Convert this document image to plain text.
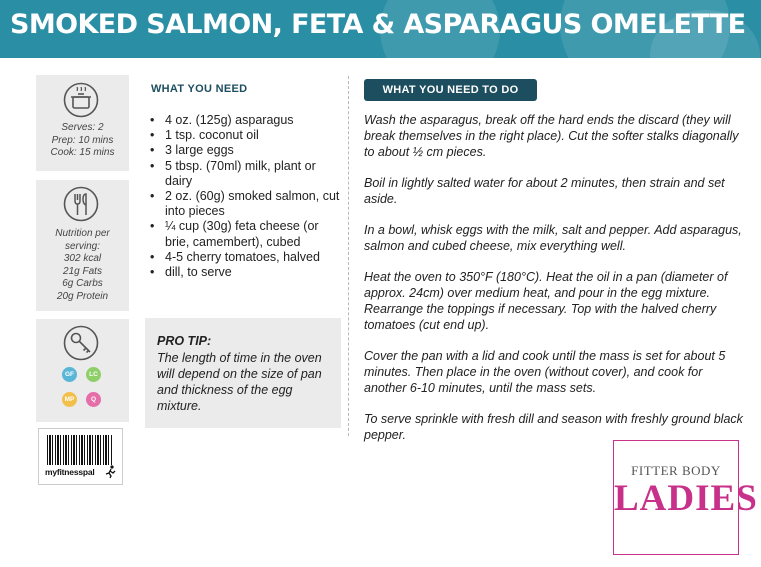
SMOKED SALMON, FETA & ASPARAGUS OMELETTE
Serves: 2
Prep: 10 mins
Cook: 15 mins
Nutrition per serving:
302 kcal
21g Fats
6g Carbs
20g Protein
GF	LC
MP	Q
myfitnesspal
WHAT YOU NEED
• 4 oz. (125g) asparagus
• 1 tsp. coconut oil
• 3 large eggs
• 5 tbsp. (70ml) milk, plant or dairy
• 2 oz. (60g) smoked salmon, cut into pieces
• ¼ cup (30g) feta cheese (or brie, camembert), cubed
• 4-5 cherry tomatoes, halved
• dill, to serve
PRO TIP:
The length of time in the oven will depend on the size of pan and thickness of the egg mixture.
WHAT YOU NEED TO DO

Wash the asparagus, break off the hard ends the discard (they will break themselves in the right place). Cut the softer stalks diagonally to about ½ cm pieces.

Boil in lightly salted water for about 2 minutes, then strain and set aside.

In a bowl, whisk eggs with the milk, salt and pepper. Add asparagus, salmon and cubed cheese, mix everything well.

Heat the oven to 350°F (180°C). Heat the oil in a pan (diameter of approx. 24cm) over medium heat, and pour in the egg mixture. Rearrange the toppings if necessary. Top with the halved cherry tomatoes (cut end up).

Cover the pan with a lid and cook until the mass is set for about 5 minutes. Then place in the oven (without cover), and cook for another 6-10 minutes, until the mass sets.

To serve sprinkle with fresh dill and season with freshly ground black pepper.

FITTER BODY
LADIES
